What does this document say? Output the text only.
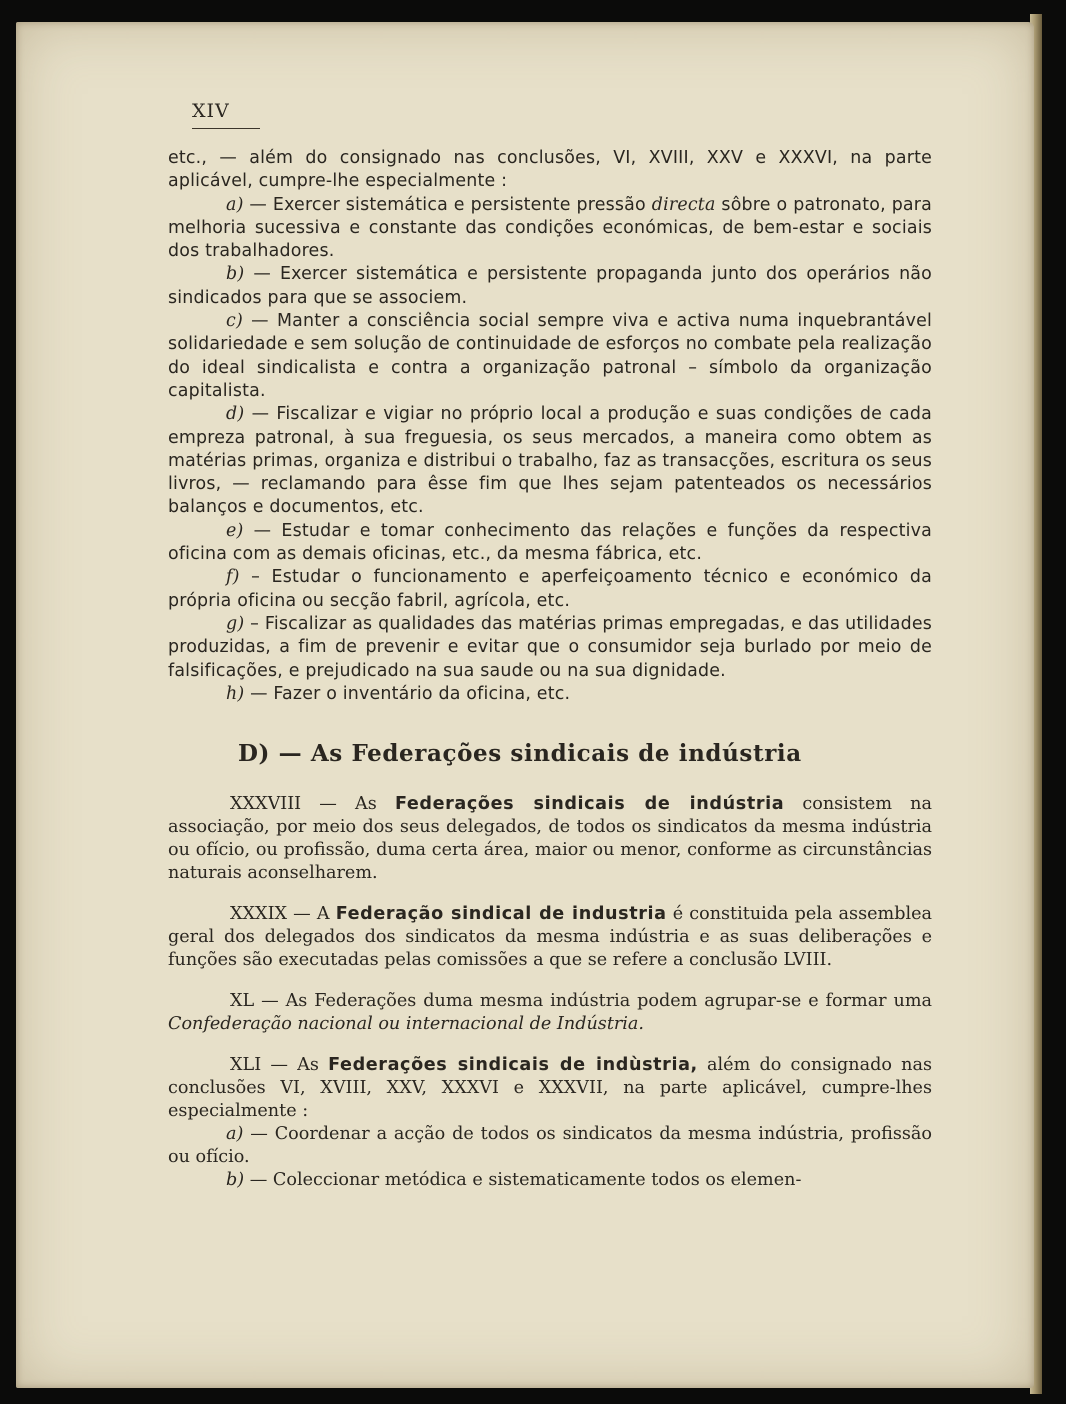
XIV

etc., — além do consignado nas conclusões, VI, XVIII, XXV e XXXVI, na parte aplicável, cumpre-lhe especialmente :

a) — Exercer sistemática e persistente pressão directa sôbre o patronato, para melhoria sucessiva e constante das condições económicas, de bem-estar e sociais dos trabalhadores.

b) — Exercer sistemática e persistente propaganda junto dos operários não sindicados para que se associem.

c) — Manter a consciência social sempre viva e activa numa inquebrantável solidariedade e sem solução de continuidade de esforços no combate pela realização do ideal sindicalista e contra a organização patronal – símbolo da organização capitalista.

d) — Fiscalizar e vigiar no próprio local a produção e suas condições de cada empreza patronal, à sua freguesia, os seus mercados, a maneira como obtem as matérias primas, organiza e distribui o trabalho, faz as transacções, escritura os seus livros, — reclamando para êsse fim que lhes sejam patenteados os necessários balanços e documentos, etc.

e) — Estudar e tomar conhecimento das relações e funções da respectiva oficina com as demais oficinas, etc., da mesma fábrica, etc.

f) – Estudar o funcionamento e aperfeiçoamento técnico e económico da própria oficina ou secção fabril, agrícola, etc.

g) – Fiscalizar as qualidades das matérias primas empregadas, e das utilidades produzidas, a fim de prevenir e evitar que o consumidor seja burlado por meio de falsificações, e prejudicado na sua saude ou na sua dignidade.

h) — Fazer o inventário da oficina, etc.

D) — As Federações sindicais de indústria

XXXVIII — As Federações sindicais de indústria consistem na associação, por meio dos seus delegados, de todos os sindicatos da mesma indústria ou ofício, ou profissão, duma certa área, maior ou menor, conforme as circunstâncias naturais aconselharem.

XXXIX — A Federação sindical de industria é constituida pela assemblea geral dos delegados dos sindicatos da mesma indústria e as suas deliberações e funções são executadas pelas comissões a que se refere a conclusão LVIII.

XL — As Federações duma mesma indústria podem agrupar-se e formar uma Confederação nacional ou internacional de Indústria.

XLI — As Federações sindicais de indùstria, além do consignado nas conclusões VI, XVIII, XXV, XXXVI e XXXVII, na parte aplicável, cumpre-lhes especialmente :

a) — Coordenar a acção de todos os sindicatos da mesma indústria, profissão ou ofício.

b) — Coleccionar metódica e sistematicamente todos os elemen-
